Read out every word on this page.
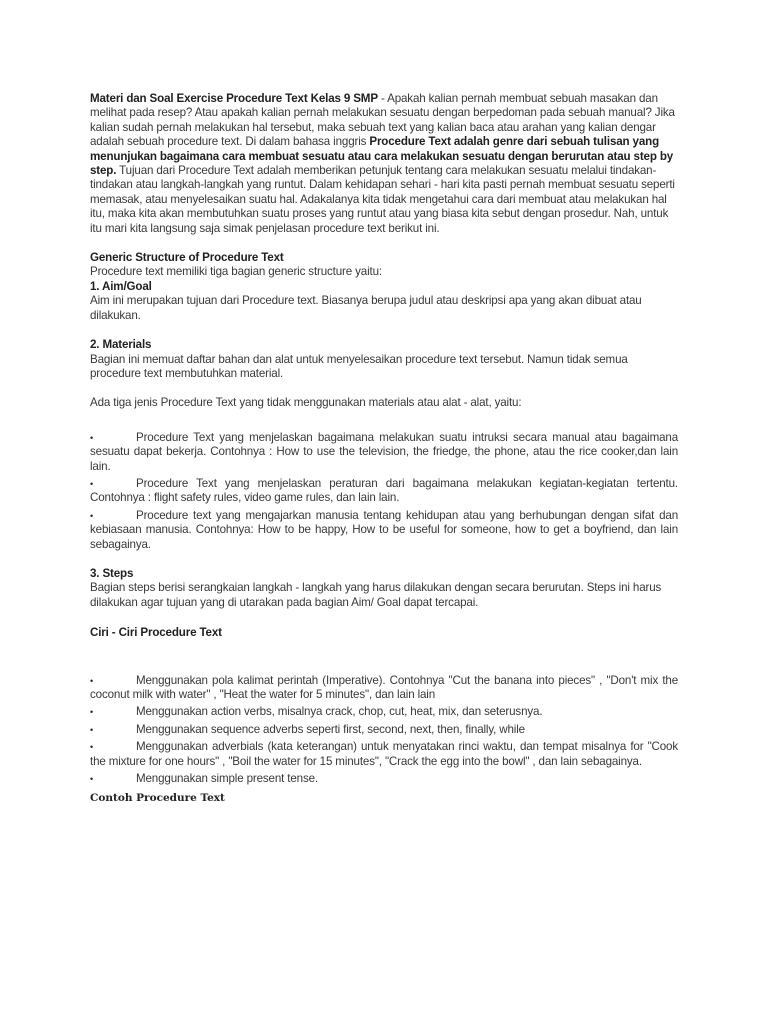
Materi dan Soal Exercise Procedure Text Kelas 9 SMP - Apakah kalian pernah membuat sebuah masakan dan melihat pada resep? Atau apakah kalian pernah melakukan sesuatu dengan berpedoman pada sebuah manual? Jika kalian sudah pernah melakukan hal tersebut, maka sebuah text yang kalian baca atau arahan yang kalian dengar adalah sebuah procedure text. Di dalam bahasa inggris Procedure Text adalah genre dari sebuah tulisan yang menunjukan bagaimana cara membuat sesuatu atau cara melakukan sesuatu dengan berurutan atau step by step. Tujuan dari Procedure Text adalah memberikan petunjuk tentang cara melakukan sesuatu melalui tindakan-tindakan atau langkah-langkah yang runtut. Dalam kehidapan sehari - hari kita pasti pernah membuat sesuatu seperti memasak, atau menyelesaikan suatu hal. Adakalanya kita tidak mengetahui cara dari membuat atau melakukan hal itu, maka kita akan membutuhkan suatu proses yang runtut atau yang biasa kita sebut dengan prosedur. Nah, untuk itu mari kita langsung saja simak penjelasan procedure text berikut ini.

Generic Structure of Procedure Text

Procedure text memiliki tiga bagian generic structure yaitu:

1. Aim/Goal

Aim ini merupakan tujuan dari Procedure text. Biasanya berupa judul atau deskripsi apa yang akan dibuat atau dilakukan.

2. Materials

Bagian ini memuat daftar bahan dan alat untuk menyelesaikan procedure text tersebut. Namun tidak semua procedure text membutuhkan material.

Ada tiga jenis Procedure Text yang tidak menggunakan materials atau alat - alat, yaitu:

•	Procedure Text yang menjelaskan bagaimana melakukan suatu intruksi secara manual atau bagaimana sesuatu dapat bekerja. Contohnya : How to use the television, the friedge, the phone, atau the rice cooker,dan lain lain.

•	Procedure Text yang menjelaskan peraturan dari bagaimana melakukan kegiatan-kegiatan tertentu. Contohnya : flight safety rules, video game rules, dan lain lain.

•	Procedure text yang mengajarkan manusia tentang kehidupan atau yang berhubungan dengan sifat dan kebiasaan manusia. Contohnya: How to be happy, How to be useful for someone, how to get a boyfriend, dan lain sebagainya.

3. Steps

Bagian steps berisi serangkaian langkah - langkah yang harus dilakukan dengan secara berurutan. Steps ini harus dilakukan agar tujuan yang di utarakan pada bagian Aim/ Goal dapat tercapai.

Ciri - Ciri Procedure Text

•	Menggunakan pola kalimat perintah (Imperative). Contohnya "Cut the banana into pieces" , "Don't mix the coconut milk with water" , "Heat the water for 5 minutes", dan lain lain

•	Menggunakan action verbs, misalnya crack, chop, cut, heat, mix, dan seterusnya.

•	Menggunakan sequence adverbs seperti first, second, next, then, finally, while

•	Menggunakan adverbials (kata keterangan) untuk menyatakan rinci waktu, dan tempat misalnya for "Cook the mixture for one hours" , "Boil the water for 15 minutes", "Crack the egg into the bowl" , dan lain sebagainya.

•	Menggunakan simple present tense.

Contoh Procedure Text
